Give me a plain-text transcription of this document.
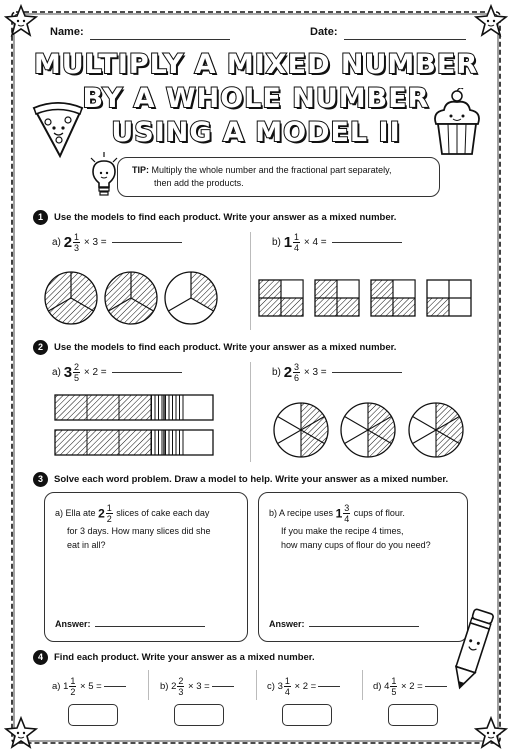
Name:	Date:
MULTIPLY A MIXED NUMBER
BY A WHOLE NUMBER
USING A MODEL II
TIP: Multiply the whole number and the fractional part separately,
then add the products.
1	Use the models to find each product. Write your answer as a mixed number.
a) $2 \frac{1}{3} \times 3$ =	b) $1 \frac{1}{4} \times 4$ =
2	Use the models to find each product. Write your answer as a mixed number.
a) $3 \frac{2}{5} \times 2$ =	b) $2 \frac{3}{6} \times 3$ =
3	Solve each word problem. Draw a model to help. Write your answer as a mixed number.
a) Ella ate $2 \frac{1}{2}$ slices of cake each day
for 3 days. How many slices did she
eat in all?
Answer:
b) A recipe uses $1 \frac{3}{4}$ cups of flour.
If you make the recipe 4 times,
how many cups of flour do you need?
Answer:
4	Find each product. Write your answer as a mixed number.
a) $1 \frac{1}{2} \times 5$ =	b) $2 \frac{2}{3} \times 3$ =	c) $3 \frac{1}{4} \times 2$ =	d) $4 \frac{1}{5} \times 2$ =
